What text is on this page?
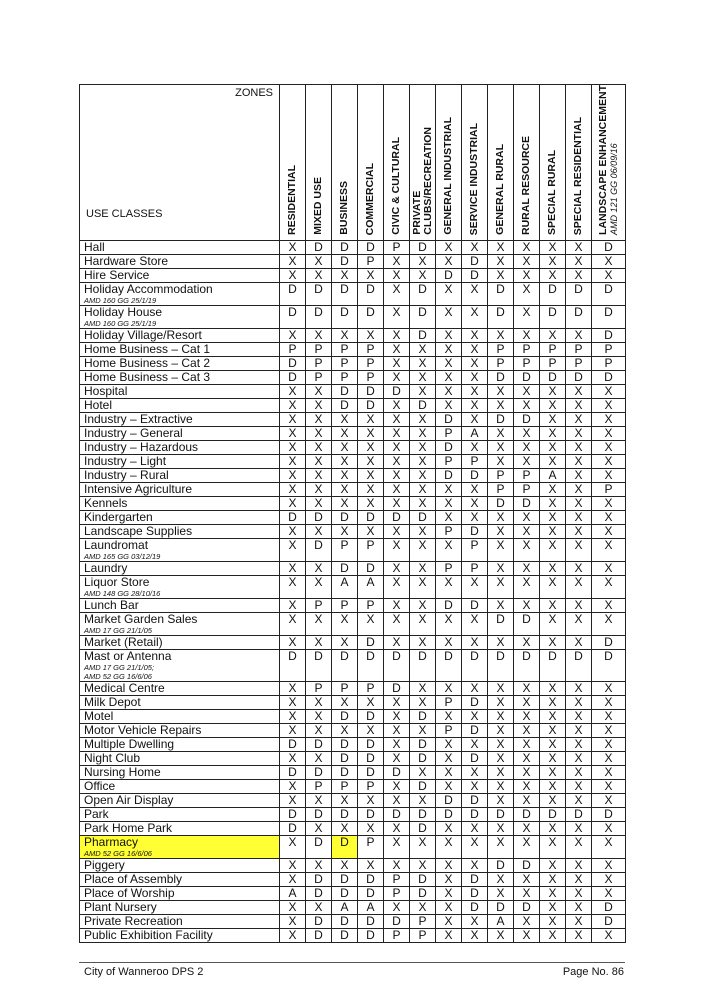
ZONES
USE CLASSES	RESIDENTIAL	MIXED USE	BUSINESS	COMMERCIAL	CIVIC & CULTURAL	PRIVATE
CLUBS/RECREATION	GENERAL INDUSTRIAL	SERVICE INDUSTRIAL	GENERAL RURAL	RURAL RESOURCE	SPECIAL RURAL	SPECIAL RESIDENTIAL	LANDSCAPE ENHANCEMENT
AMD 121 GG 06/09/16

Hall	X	D	D	D	P	D	X	X	X	X	X	X	D
Hardware Store	X	X	D	P	X	X	X	D	X	X	X	X	X
Hire Service	X	X	X	X	X	X	D	D	X	X	X	X	X
Holiday Accommodation
AMD 160 GG 25/1/19	D	D	D	D	X	D	X	X	D	X	D	D	D
Holiday House
AMD 160 GG 25/1/19	D	D	D	D	X	D	X	X	D	X	D	D	D
Holiday Village/Resort	X	X	X	X	X	D	X	X	X	X	X	X	D
Home Business – Cat 1	P	P	P	P	X	X	X	X	P	P	P	P	P
Home Business – Cat 2	D	P	P	P	X	X	X	X	P	P	P	P	P
Home Business – Cat 3	D	P	P	P	X	X	X	X	D	D	D	D	D
Hospital	X	X	D	D	D	X	X	X	X	X	X	X	X
Hotel	X	X	D	D	X	D	X	X	X	X	X	X	X
Industry – Extractive	X	X	X	X	X	X	D	X	D	D	X	X	X
Industry – General	X	X	X	X	X	X	P	A	X	X	X	X	X
Industry – Hazardous	X	X	X	X	X	X	D	X	X	X	X	X	X
Industry – Light	X	X	X	X	X	X	P	P	X	X	X	X	X
Industry – Rural	X	X	X	X	X	X	D	D	P	P	A	X	X
Intensive Agriculture	X	X	X	X	X	X	X	X	P	P	X	X	P
Kennels	X	X	X	X	X	X	X	X	D	D	X	X	X
Kindergarten	D	D	D	D	D	D	X	X	X	X	X	X	X
Landscape Supplies	X	X	X	X	X	X	P	D	X	X	X	X	X
Laundromat
AMD 165 GG 03/12/19	X	D	P	P	X	X	X	P	X	X	X	X	X
Laundry	X	X	D	D	X	X	P	P	X	X	X	X	X
Liquor Store
AMD 148 GG 28/10/16	X	X	A	A	X	X	X	X	X	X	X	X	X
Lunch Bar	X	P	P	P	X	X	D	D	X	X	X	X	X
Market Garden Sales
AMD 17 GG 21/1/05	X	X	X	X	X	X	X	X	D	D	X	X	X
Market (Retail)	X	X	X	D	X	X	X	X	X	X	X	X	D
Mast or Antenna
AMD 17 GG 21/1/05;
AMD 52 GG 16/6/06	D	D	D	D	D	D	D	D	D	D	D	D	D
Medical Centre	X	P	P	P	D	X	X	X	X	X	X	X	X
Milk Depot	X	X	X	X	X	X	P	D	X	X	X	X	X
Motel	X	X	D	D	X	D	X	X	X	X	X	X	X
Motor Vehicle Repairs	X	X	X	X	X	X	P	D	X	X	X	X	X
Multiple Dwelling	D	D	D	D	X	D	X	X	X	X	X	X	X
Night Club	X	X	D	D	X	D	X	D	X	X	X	X	X
Nursing Home	D	D	D	D	D	X	X	X	X	X	X	X	X
Office	X	P	P	P	X	D	X	X	X	X	X	X	X
Open Air Display	X	X	X	X	X	X	D	D	X	X	X	X	X
Park	D	D	D	D	D	D	D	D	D	D	D	D	D
Park Home Park	D	X	X	X	X	D	X	X	X	X	X	X	X
Pharmacy
AMD 52 GG 16/6/06	X	D	D	P	X	X	X	X	X	X	X	X	X
Piggery	X	X	X	X	X	X	X	X	D	D	X	X	X
Place of Assembly	X	D	D	D	P	D	X	D	X	X	X	X	X
Place of Worship	A	D	D	D	P	D	X	D	X	X	X	X	X
Plant Nursery	X	X	A	A	X	X	X	D	D	D	X	X	D
Private Recreation	X	D	D	D	D	P	X	X	A	X	X	X	D
Public Exhibition Facility	X	D	D	D	P	P	X	X	X	X	X	X	X
City of Wanneroo DPS 2	Page No. 86
